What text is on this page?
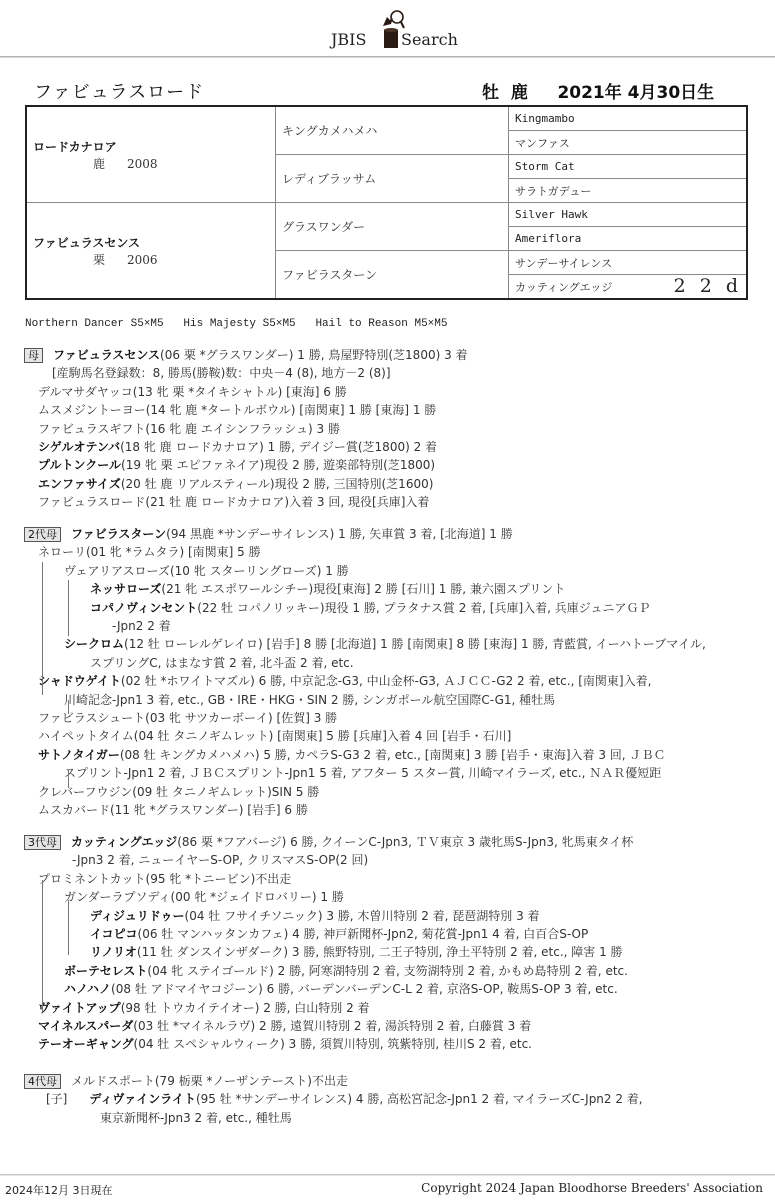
JBIS Search
ファビュラスロード	牡 鹿 2021年 4月30日生
ロードカナロア
鹿 2008	キングカメハメハ	Kingmambo
		マンファス
	レディブラッサム	Storm Cat
		サラトガデュー

ファビュラスセンス
栗 2006	グラスワンダー	Silver Hawk
		Ameriflora
	ファビラスターン	サンデーサイレンス
		カッティングエッジ 2 2 d
Northern Dancer S5×M5   His Majesty S5×M5   Hail to Reason M5×M5
母 ファビュラスセンス(06 栗 *グラスワンダー) 1 勝, 鳥屋野特別(芝1800) 3 着
[産駒馬名登録数：8, 勝馬(勝鞍)数：中央－4 (8), 地方－2 (8)]
デルマサダヤッコ(13 牝 栗 *タイキシャトル) [東海] 6 勝
ムスメジントーヨー(14 牝 鹿 *タートルボウル) [南関東] 1 勝 [東海] 1 勝
ファビュラスギフト(16 牝 鹿 エイシンフラッシュ) 3 勝
シゲルオテンバ(18 牝 鹿 ロードカナロア) 1 勝, デイジー賞(芝1800) 2 着
プルトンクール(19 牝 栗 エピファネイア)現役 2 勝, 遊楽部特別(芝1800)
エンファサイズ(20 牡 鹿 リアルスティール)現役 2 勝, 三国特別(芝1600)
ファビュラスロード(21 牡 鹿 ロードカナロア)入着 3 回, 現役[兵庫]入着
2代母 ファビラスターン(94 黒鹿 *サンデーサイレンス) 1 勝, 矢車賞 3 着, [北海道] 1 勝
ネローリ(01 牝 *ラムタラ) [南関東] 5 勝
ヴェアリアスローズ(10 牝 スターリングローズ) 1 勝
ネッサローズ(21 牝 エスポワールシチー)現役[東海] 2 勝 [石川] 1 勝, 兼六園スプリント
コパノヴィンセント(22 牡 コパノリッキー)現役 1 勝, プラタナス賞 2 着, [兵庫]入着, 兵庫ジュニアＧＰ
-Jpn2 2 着
シークロム(12 牡 ローレルゲレイロ) [岩手] 8 勝 [北海道] 1 勝 [南関東] 8 勝 [東海] 1 勝, 青藍賞, イーハトーブマイル,
スプリングC, はまなす賞 2 着, 北斗盃 2 着, etc.
シャドウゲイト(02 牡 *ホワイトマズル) 6 勝, 中京記念-G3, 中山金杯-G3, ＡＪＣＣ-G2 2 着, etc., [南関東]入着,
川崎記念-Jpn1 3 着, etc., GB・IRE・HKG・SIN 2 勝, シンガポール航空国際C-G1, 種牡馬
ファビラスシュート(03 牝 サツカーボーイ) [佐賀] 3 勝
ハイペットタイム(04 牡 タニノギムレット) [南関東] 5 勝 [兵庫]入着 4 回 [岩手・石川]
サトノタイガー(08 牡 キングカメハメハ) 5 勝, カペラS-G3 2 着, etc., [南関東] 3 勝 [岩手・東海]入着 3 回, ＪＢＣ
スプリント-Jpn1 2 着, ＪＢＣスプリント-Jpn1 5 着, アフター 5 スター賞, 川崎マイラーズ, etc., ＮＡＲ優短距
クレバーフウジン(09 牡 タニノギムレット)SIN 5 勝
ムスカバード(11 牝 *グラスワンダー) [岩手] 6 勝
3代母 カッティングエッジ(86 栗 *フアバージ) 6 勝, クイーンC-Jpn3, ＴＶ東京 3 歳牝馬S-Jpn3, 牝馬東タイ杯
-Jpn3 2 着, ニューイヤーS-OP, クリスマスS-OP(2 回)
プロミネントカット(95 牝 *トニービン)不出走
ガンダーラプソディ(00 牝 *ジェイドロバリー) 1 勝
ディジュリドゥー(04 牡 フサイチソニック) 3 勝, 木曽川特別 2 着, 琵琶湖特別 3 着
イコピコ(06 牡 マンハッタンカフェ) 4 勝, 神戸新聞杯-Jpn2, 菊花賞-Jpn1 4 着, 白百合S-OP
リノリオ(11 牡 ダンスインザダーク) 3 勝, 熊野特別, 二王子特別, 浄土平特別 2 着, etc., 障害 1 勝
ボーテセレスト(04 牝 ステイゴールド) 2 勝, 阿寒湖特別 2 着, 支笏湖特別 2 着, かもめ島特別 2 着, etc.
ハノハノ(08 牡 アドマイヤコジーン) 6 勝, バーデンバーデンC-L 2 着, 京洛S-OP, 鞍馬S-OP 3 着, etc.
ヴァイトアップ(98 牡 トウカイテイオー) 2 勝, 白山特別 2 着
マイネルスパーダ(03 牡 *マイネルラヴ) 2 勝, 遠賀川特別 2 着, 湯浜特別 2 着, 白藤賞 3 着
テーオーギャング(04 牡 スペシャルウィーク) 3 勝, 須賀川特別, 筑紫特別, 桂川S 2 着, etc.
4代母 メルドスポート(79 栃栗 *ノーザンテースト)不出走
[子] ディヴァインライト(95 牡 *サンデーサイレンス) 4 勝, 高松宮記念-Jpn1 2 着, マイラーズC-Jpn2 2 着,
東京新聞杯-Jpn3 2 着, etc., 種牡馬
2024年12月 3日現在	Copyright 2024 Japan Bloodhorse Breeders' Association
